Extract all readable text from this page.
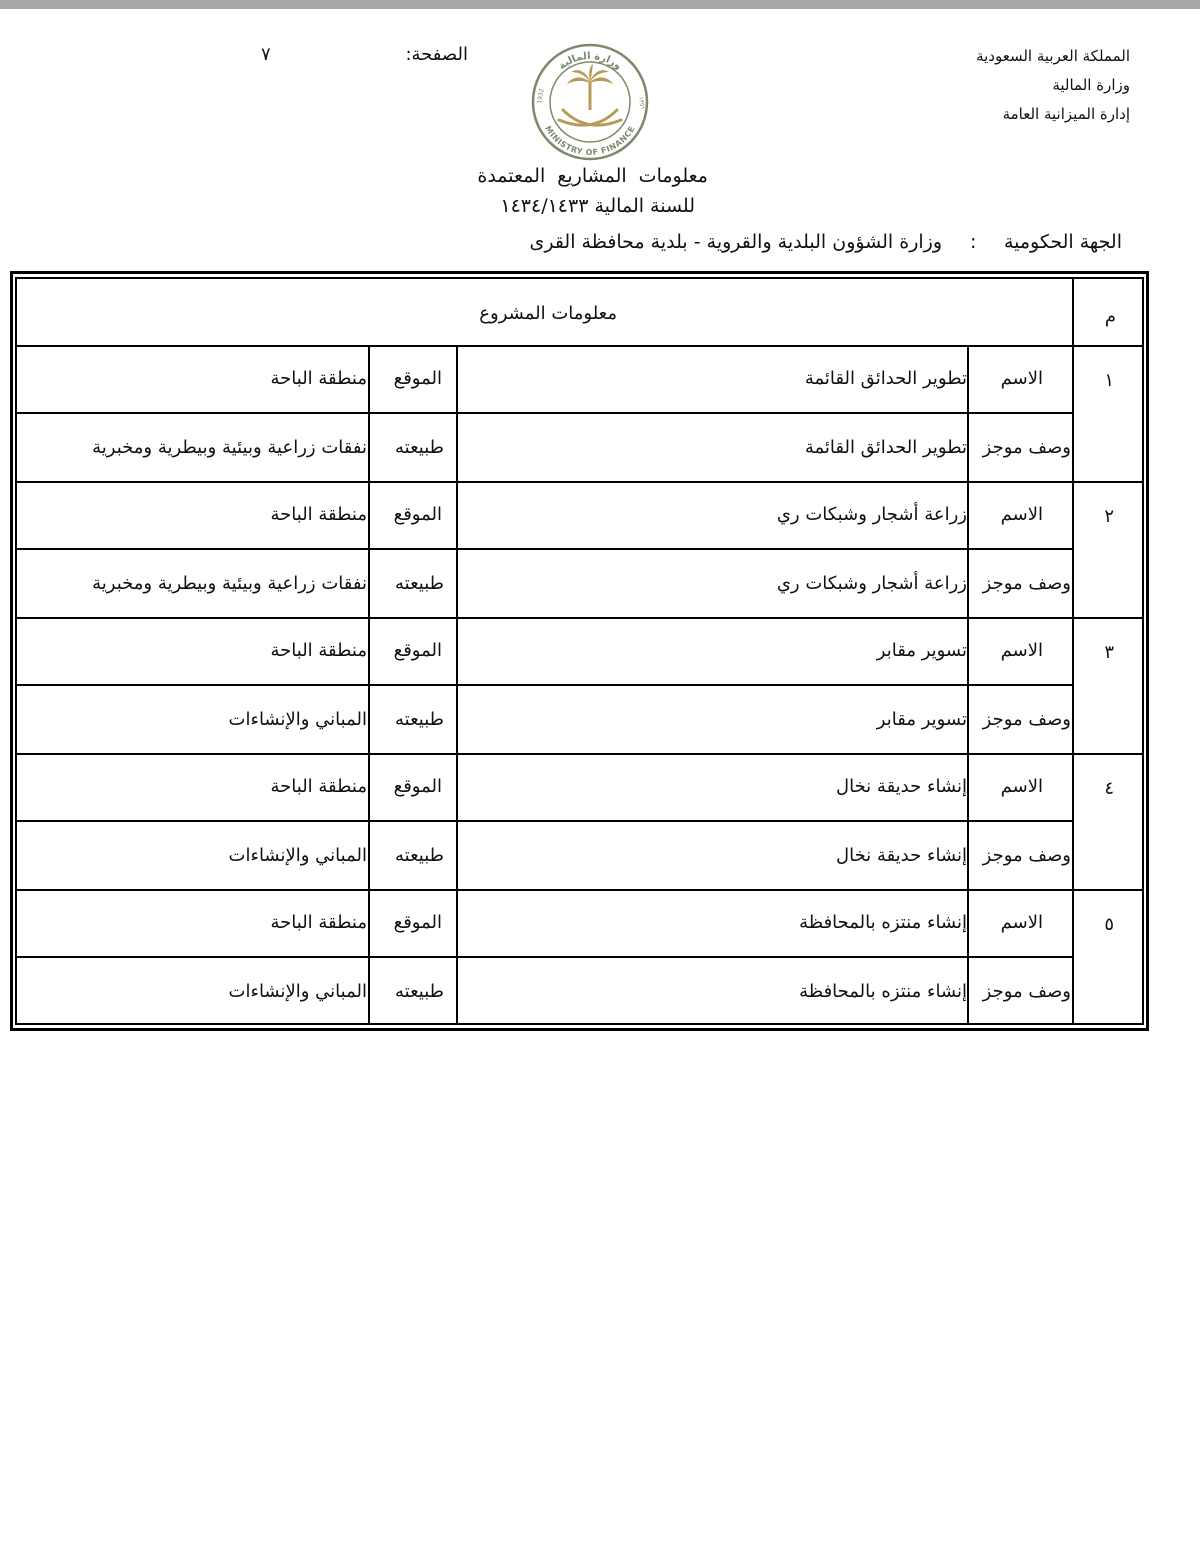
المملكة العربية السعودية
وزارة المالية
إدارة الميزانية العامة
الصفحة:
٧
وزارة المالية
MINISTRY OF FINANCE
1932	١٣٥١
معلومات المشاريع المعتمدة
للسنة المالية ١٤٣٤/١٤٣٣
الجهة الحكومية
:
وزارة الشؤون البلدية والقروية - بلدية محافظة القرى
م
معلومات المشروع
١
الاسم
تطوير الحدائق القائمة
الموقع
منطقة الباحة
وصف موجز
تطوير الحدائق القائمة
طبيعته
نفقات زراعية وبيئية وبيطرية ومخبرية
٢
الاسم
زراعة أشجار وشبكات ري
الموقع
منطقة الباحة
وصف موجز
زراعة أشجار وشبكات ري
طبيعته
نفقات زراعية وبيئية وبيطرية ومخبرية
٣
الاسم
تسوير مقابر
الموقع
منطقة الباحة
وصف موجز
تسوير مقابر
طبيعته
المباني والإنشاءات
٤
الاسم
إنشاء حديقة نخال
الموقع
منطقة الباحة
وصف موجز
إنشاء حديقة نخال
طبيعته
المباني والإنشاءات
٥
الاسم
إنشاء منتزه بالمحافظة
الموقع
منطقة الباحة
وصف موجز
إنشاء منتزه بالمحافظة
طبيعته
المباني والإنشاءات
